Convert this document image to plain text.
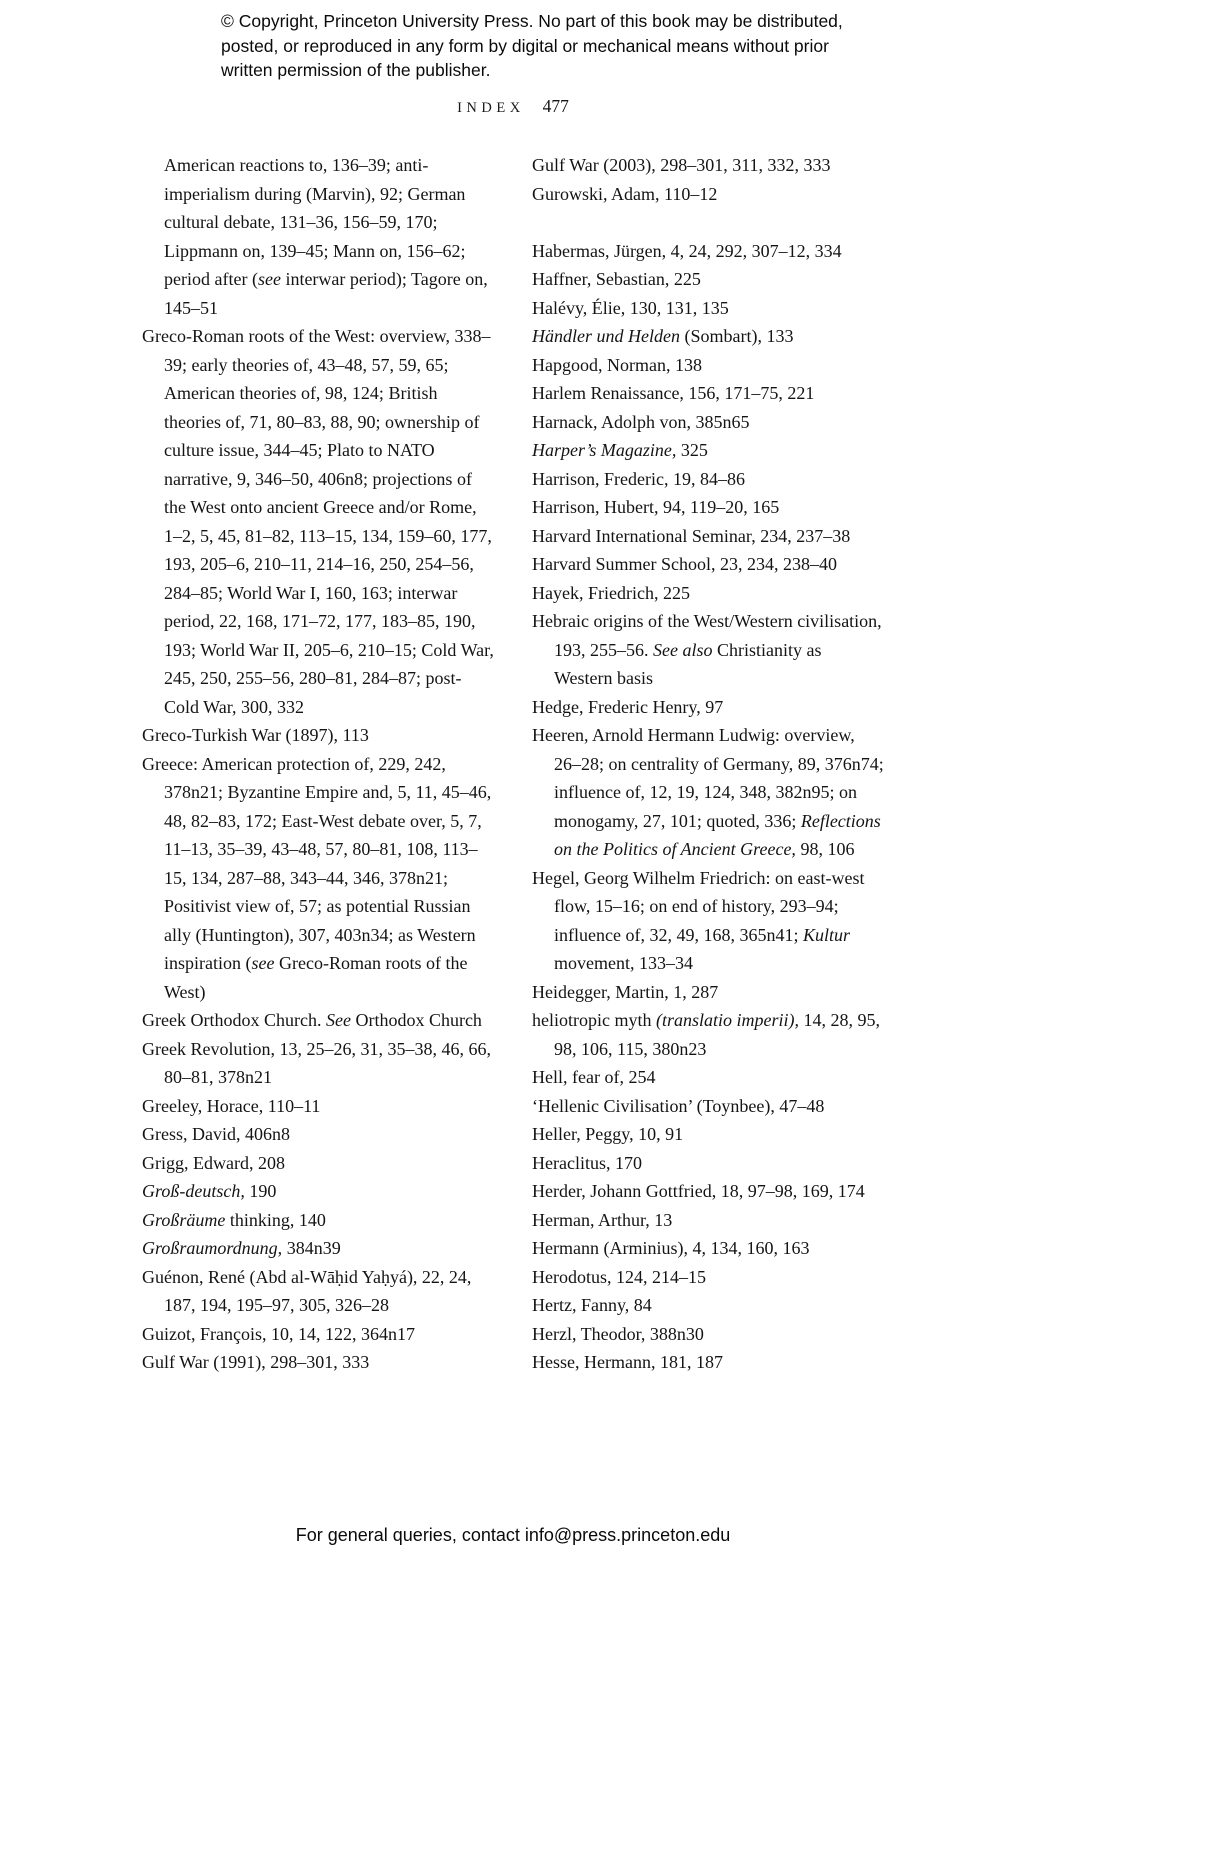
© Copyright, Princeton University Press. No part of this book may be distributed, posted, or reproduced in any form by digital or mechanical means without prior written permission of the publisher.
INDEX 477
American reactions to, 136–39; anti-imperialism during (Marvin), 92; German cultural debate, 131–36, 156–59, 170; Lippmann on, 139–45; Mann on, 156–62; period after (see interwar period); Tagore on, 145–51
Greco-Roman roots of the West: overview, 338–39; early theories of, 43–48, 57, 59, 65; American theories of, 98, 124; British theories of, 71, 80–83, 88, 90; ownership of culture issue, 344–45; Plato to NATO narrative, 9, 346–50, 406n8; projections of the West onto ancient Greece and/or Rome, 1–2, 5, 45, 81–82, 113–15, 134, 159–60, 177, 193, 205–6, 210–11, 214–16, 250, 254–56, 284–85; World War I, 160, 163; interwar period, 22, 168, 171–72, 177, 183–85, 190, 193; World War II, 205–6, 210–15; Cold War, 245, 250, 255–56, 280–81, 284–87; post-Cold War, 300, 332
Greco-Turkish War (1897), 113
Greece: American protection of, 229, 242, 378n21; Byzantine Empire and, 5, 11, 45–46, 48, 82–83, 172; East-West debate over, 5, 7, 11–13, 35–39, 43–48, 57, 80–81, 108, 113–15, 134, 287–88, 343–44, 346, 378n21; Positivist view of, 57; as potential Russian ally (Huntington), 307, 403n34; as Western inspiration (see Greco-Roman roots of the West)
Greek Orthodox Church. See Orthodox Church
Greek Revolution, 13, 25–26, 31, 35–38, 46, 66, 80–81, 378n21
Greeley, Horace, 110–11
Gress, David, 406n8
Grigg, Edward, 208
Groß-deutsch, 190
Großräume thinking, 140
Großraumordnung, 384n39
Guénon, René (Abd al-Wāḥid Yaḥyá), 22, 24, 187, 194, 195–97, 305, 326–28
Guizot, François, 10, 14, 122, 364n17
Gulf War (1991), 298–301, 333
Gulf War (2003), 298–301, 311, 332, 333
Gurowski, Adam, 110–12
Habermas, Jürgen, 4, 24, 292, 307–12, 334
Haffner, Sebastian, 225
Halévy, Élie, 130, 131, 135
Händler und Helden (Sombart), 133
Hapgood, Norman, 138
Harlem Renaissance, 156, 171–75, 221
Harnack, Adolph von, 385n65
Harper’s Magazine, 325
Harrison, Frederic, 19, 84–86
Harrison, Hubert, 94, 119–20, 165
Harvard International Seminar, 234, 237–38
Harvard Summer School, 23, 234, 238–40
Hayek, Friedrich, 225
Hebraic origins of the West/Western civilisation, 193, 255–56. See also Christianity as Western basis
Hedge, Frederic Henry, 97
Heeren, Arnold Hermann Ludwig: overview, 26–28; on centrality of Germany, 89, 376n74; influence of, 12, 19, 124, 348, 382n95; on monogamy, 27, 101; quoted, 336; Reflections on the Politics of Ancient Greece, 98, 106
Hegel, Georg Wilhelm Friedrich: on east-west flow, 15–16; on end of history, 293–94; influence of, 32, 49, 168, 365n41; Kultur movement, 133–34
Heidegger, Martin, 1, 287
heliotropic myth (translatio imperii), 14, 28, 95, 98, 106, 115, 380n23
Hell, fear of, 254
‘Hellenic Civilisation’ (Toynbee), 47–48
Heller, Peggy, 10, 91
Heraclitus, 170
Herder, Johann Gottfried, 18, 97–98, 169, 174
Herman, Arthur, 13
Hermann (Arminius), 4, 134, 160, 163
Herodotus, 124, 214–15
Hertz, Fanny, 84
Herzl, Theodor, 388n30
Hesse, Hermann, 181, 187
For general queries, contact info@press.princeton.edu
